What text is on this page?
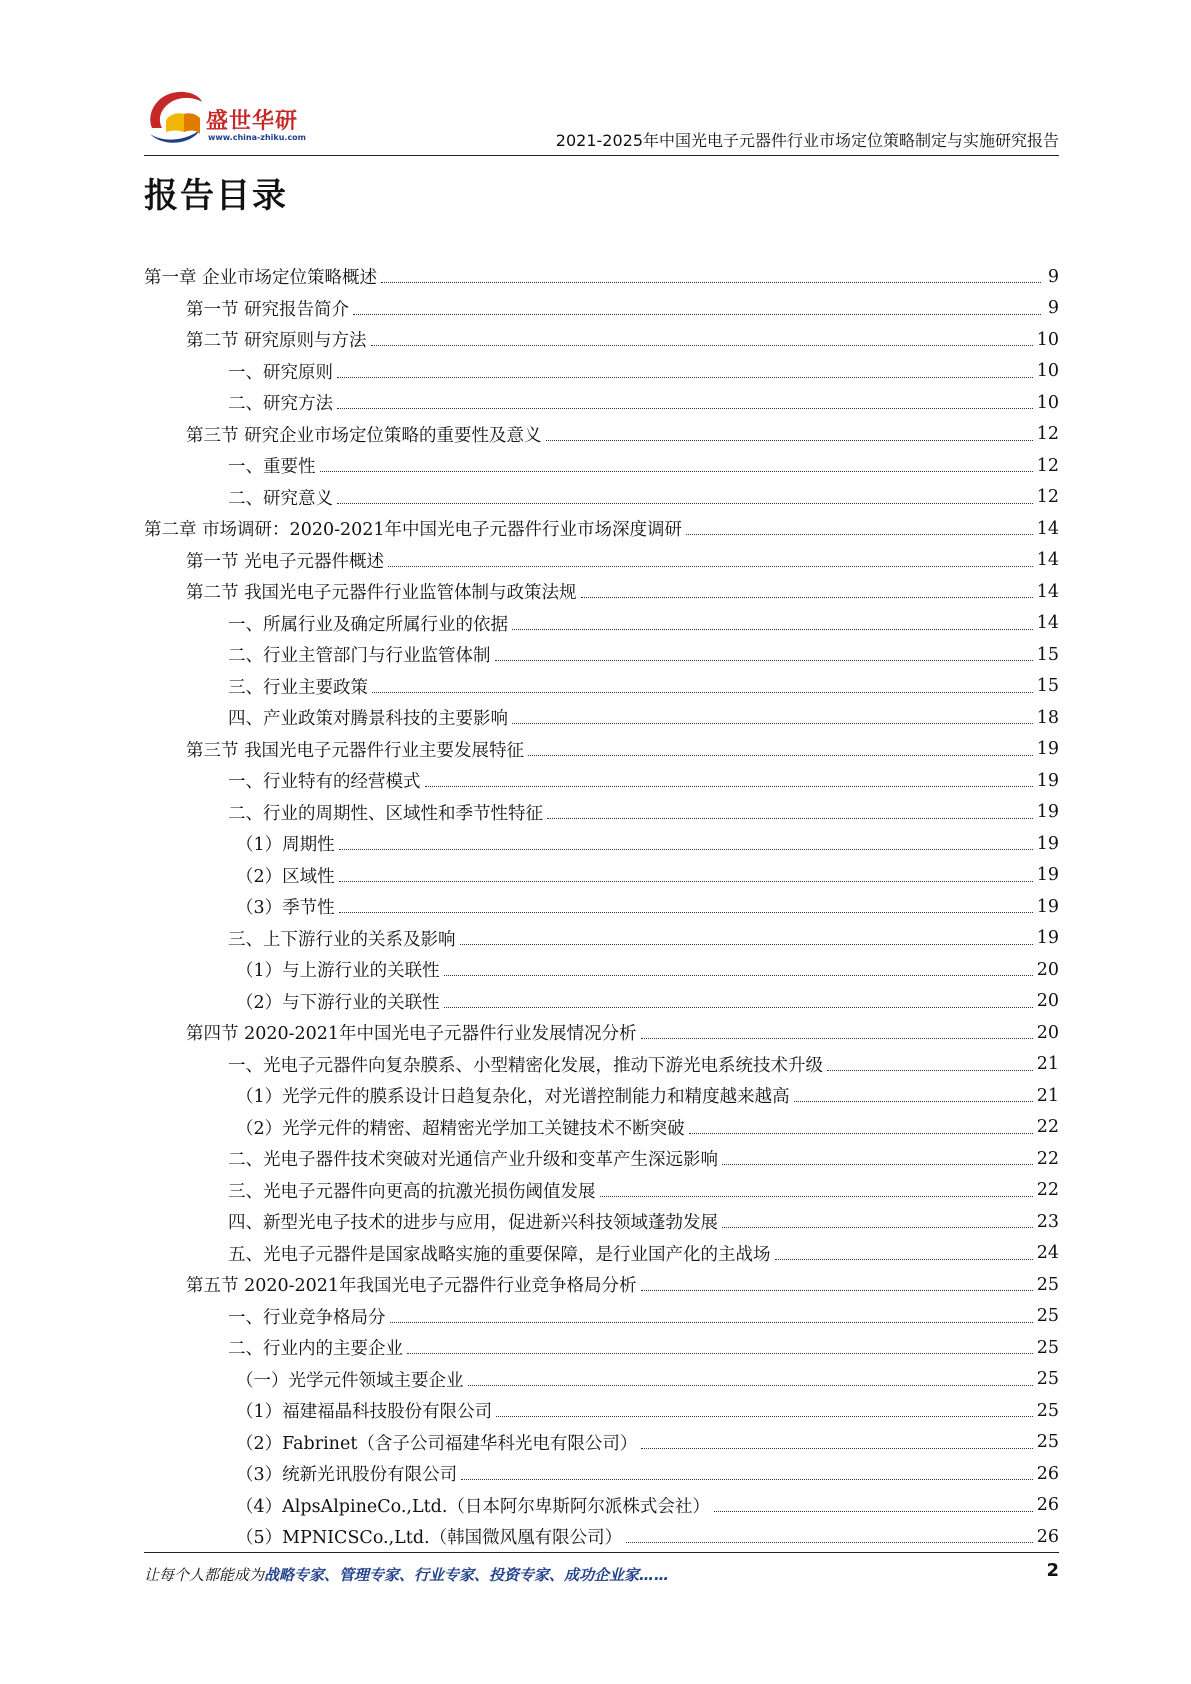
盛世华研
www.china-zhiku.com	2021-2025年中国光电子元器件行业市场定位策略制定与实施研究报告
报告目录
第一章 企业市场定位策略概述	9
第一节 研究报告简介	9
第二节 研究原则与方法	10
一、研究原则	10
二、研究方法	10
第三节 研究企业市场定位策略的重要性及意义	12
一、重要性	12
二、研究意义	12
第二章 市场调研：2020-2021年中国光电子元器件行业市场深度调研	14
第一节 光电子元器件概述	14
第二节 我国光电子元器件行业监管体制与政策法规	14
一、所属行业及确定所属行业的依据	14
二、行业主管部门与行业监管体制	15
三、行业主要政策	15
四、产业政策对腾景科技的主要影响	18
第三节 我国光电子元器件行业主要发展特征	19
一、行业特有的经营模式	19
二、行业的周期性、区域性和季节性特征	19
（1）周期性	19
（2）区域性	19
（3）季节性	19
三、上下游行业的关系及影响	19
（1）与上游行业的关联性	20
（2）与下游行业的关联性	20
第四节 2020-2021年中国光电子元器件行业发展情况分析	20
一、光电子元器件向复杂膜系、小型精密化发展，推动下游光电系统技术升级	21
（1）光学元件的膜系设计日趋复杂化，对光谱控制能力和精度越来越高	21
（2）光学元件的精密、超精密光学加工关键技术不断突破	22
二、光电子器件技术突破对光通信产业升级和变革产生深远影响	22
三、光电子元器件向更高的抗激光损伤阈值发展	22
四、新型光电子技术的进步与应用，促进新兴科技领域蓬勃发展	23
五、光电子元器件是国家战略实施的重要保障，是行业国产化的主战场	24
第五节 2020-2021年我国光电子元器件行业竞争格局分析	25
一、行业竞争格局分	25
二、行业内的主要企业	25
（一）光学元件领域主要企业	25
（1）福建福晶科技股份有限公司	25
（2）Fabrinet（含子公司福建华科光电有限公司）	25
（3）统新光讯股份有限公司	26
（4）AlpsAlpineCo.,Ltd.（日本阿尔卑斯阿尔派株式会社）	26
（5）MPNICSCo.,Ltd.（韩国微风凰有限公司）	26
让每个人都能成为战略专家、管理专家、行业专家、投资专家、成功企业家……	2
